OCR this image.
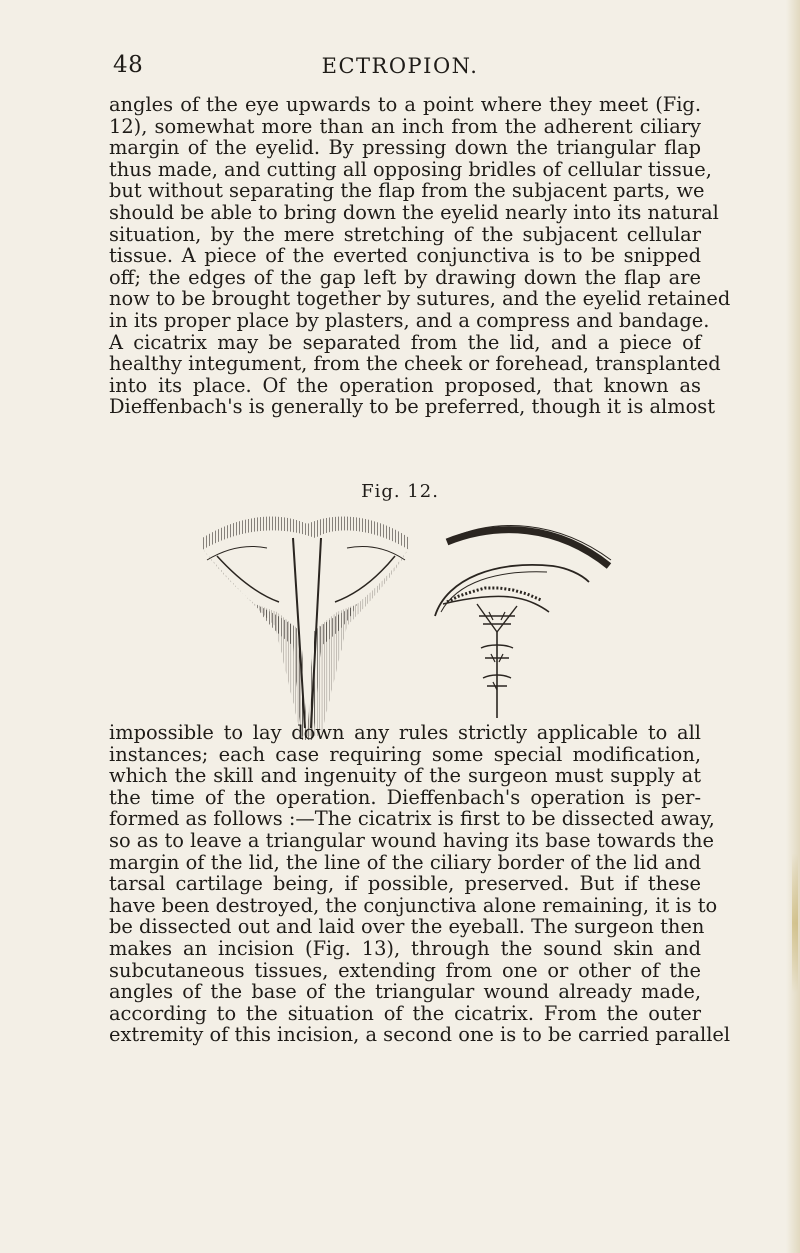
48	ECTROPION.

angles of the eye upwards to a point where they meet (Fig.
12), somewhat more than an inch from the adherent ciliary
margin of the eyelid. By pressing down the triangular flap
thus made, and cutting all opposing bridles of cellular tissue,
but without separating the flap from the subjacent parts, we
should be able to bring down the eyelid nearly into its natural
situation, by the mere stretching of the subjacent cellular
tissue. A piece of the everted conjunctiva is to be snipped
off; the edges of the gap left by drawing down the flap are
now to be brought together by sutures, and the eyelid retained
in its proper place by plasters, and a compress and bandage.
A cicatrix may be separated from the lid, and a piece of
healthy integument, from the cheek or forehead, transplanted
into its place. Of the operation proposed, that known as
Dieffenbach's is generally to be preferred, though it is almost

Fig. 12.

impossible to lay down any rules strictly applicable to all
instances; each case requiring some special modification,
which the skill and ingenuity of the surgeon must supply at
the time of the operation. Dieffenbach's operation is per-
formed as follows :—The cicatrix is first to be dissected away,
so as to leave a triangular wound having its base towards the
margin of the lid, the line of the ciliary border of the lid and
tarsal cartilage being, if possible, preserved. But if these
have been destroyed, the conjunctiva alone remaining, it is to
be dissected out and laid over the eyeball. The surgeon then
makes an incision (Fig. 13), through the sound skin and
subcutaneous tissues, extending from one or other of the
angles of the base of the triangular wound already made,
according to the situation of the cicatrix. From the outer
extremity of this incision, a second one is to be carried parallel
